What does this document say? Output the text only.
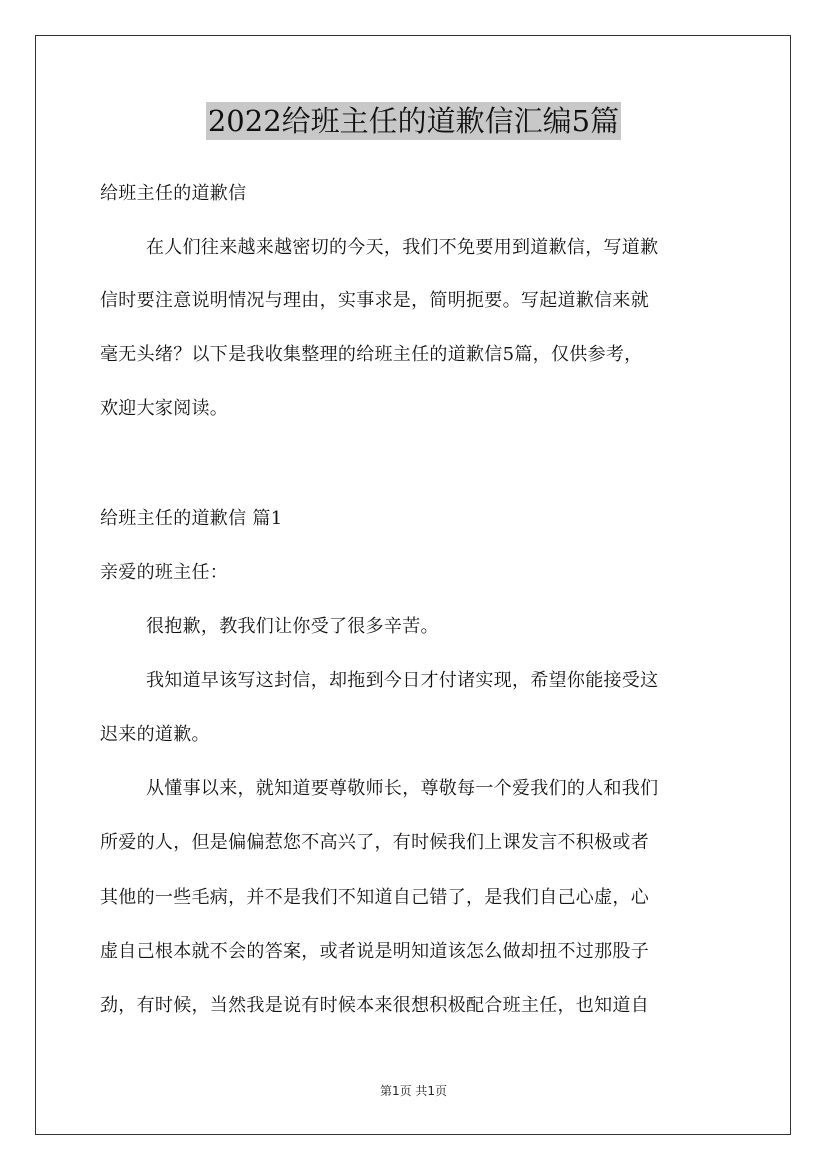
2022给班主任的道歉信汇编5篇
给班主任的道歉信
在人们往来越来越密切的今天，我们不免要用到道歉信，写道歉
信时要注意说明情况与理由，实事求是，简明扼要。写起道歉信来就
毫无头绪？以下是我收集整理的给班主任的道歉信5篇，仅供参考，
欢迎大家阅读。
给班主任的道歉信 篇1
亲爱的班主任：
很抱歉，教我们让你受了很多辛苦。
我知道早该写这封信，却拖到今日才付诸实现，希望你能接受这
迟来的道歉。
从懂事以来，就知道要尊敬师长，尊敬每一个爱我们的人和我们
所爱的人，但是偏偏惹您不高兴了，有时候我们上课发言不积极或者
其他的一些毛病，并不是我们不知道自己错了，是我们自己心虚，心
虚自己根本就不会的答案，或者说是明知道该怎么做却扭不过那股子
劲，有时候，当然我是说有时候本来很想积极配合班主任，也知道自
第1页 共1页
